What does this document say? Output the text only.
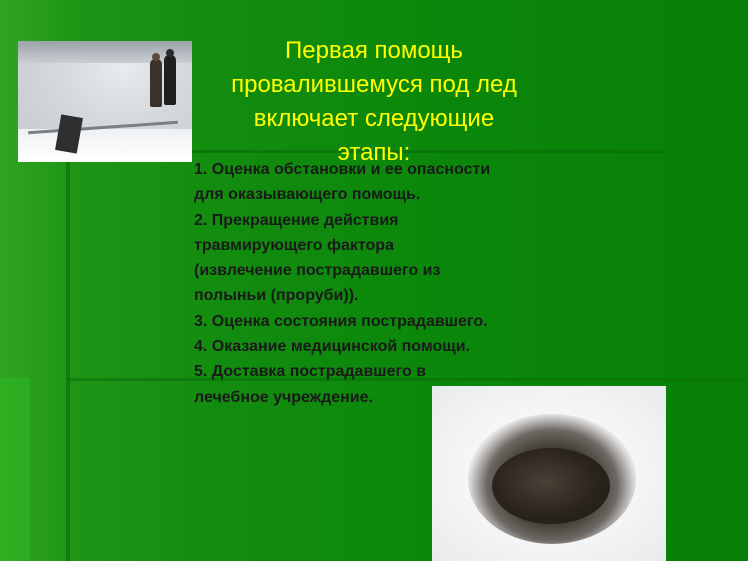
Первая помощь
провалившемуся под лед
включает следующие
этапы:
1. Оценка обстановки и ее опасности
для оказывающего помощь.
2. Прекращение действия
травмирующего фактора
(извлечение пострадавшего из
полыньи (проруби)).
3. Оценка состояния пострадавшего.
4. Оказание медицинской помощи.
5. Доставка пострадавшего в
лечебное учреждение.
